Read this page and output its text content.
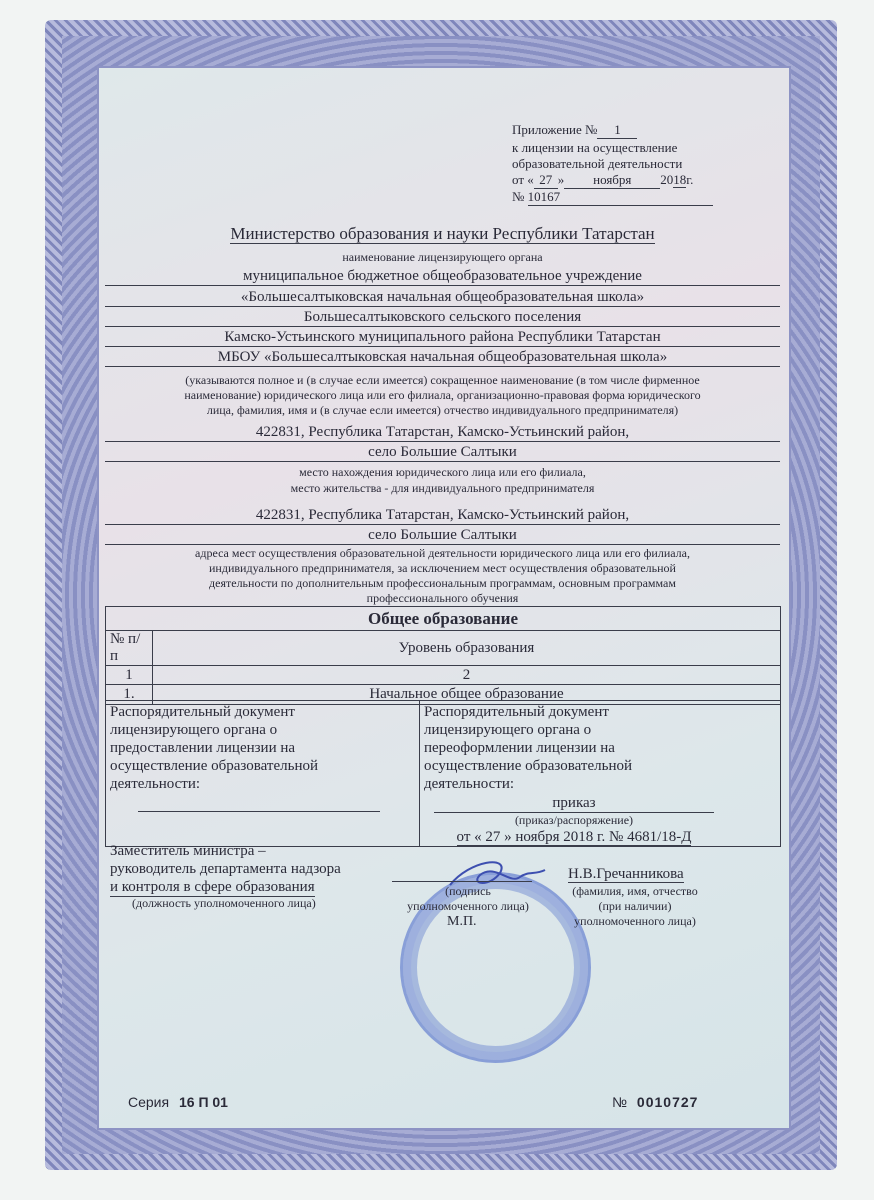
Приложение № 1
к лицензии на осуществление
образовательной деятельности
от « 27 » ноября 2018г.
№ 10167
Министерство образования и науки Республики Татарстан
наименование лицензирующего органа
муниципальное бюджетное общеобразовательное учреждение
«Большесалтыковская начальная общеобразовательная школа»
Большесалтыковского сельского поселения
Камско-Устьинского муниципального района Республики Татарстан
МБОУ «Большесалтыковская начальная общеобразовательная школа»
(указываются полное и (в случае если имеется) сокращенное наименование (в том числе фирменное
наименование) юридического лица или его филиала, организационно-правовая форма юридического
лица, фамилия, имя и (в случае если имеется) отчество индивидуального предпринимателя)
422831, Республика Татарстан, Камско-Устьинский район,
село Большие Салтыки
место нахождения юридического лица или его филиала,
место жительства - для индивидуального предпринимателя
422831, Республика Татарстан, Камско-Устьинский район,
село Большие Салтыки
адреса мест осуществления образовательной деятельности юридического лица или его филиала,
индивидуального предпринимателя, за исключением мест осуществления образовательной
деятельности по дополнительным профессиональным программам, основным программам
профессионального обучения
Общее образование	
№ п/п	Уровень образования
1	2
1.	Начальное общее образование
Распорядительный документ
лицензирующего органа о
предоставлении лицензии на
осуществление образовательной
деятельности:

Распорядительный документ
лицензирующего органа о
переоформлении лицензии на
осуществление образовательной
деятельности:
приказ
(приказ/распоряжение)
от « 27 » ноября 2018 г. № 4681/18-Д
Заместитель министра –
руководитель департамента надзора
и контроля в сфере образования
(должность уполномоченного лица)
(подпись
уполномоченного лица)
М.П.
Н.В.Гречанникова
(фамилия, имя, отчество
(при наличии)
уполномоченного лица)
Серия 16 П 01	№ 0010727
